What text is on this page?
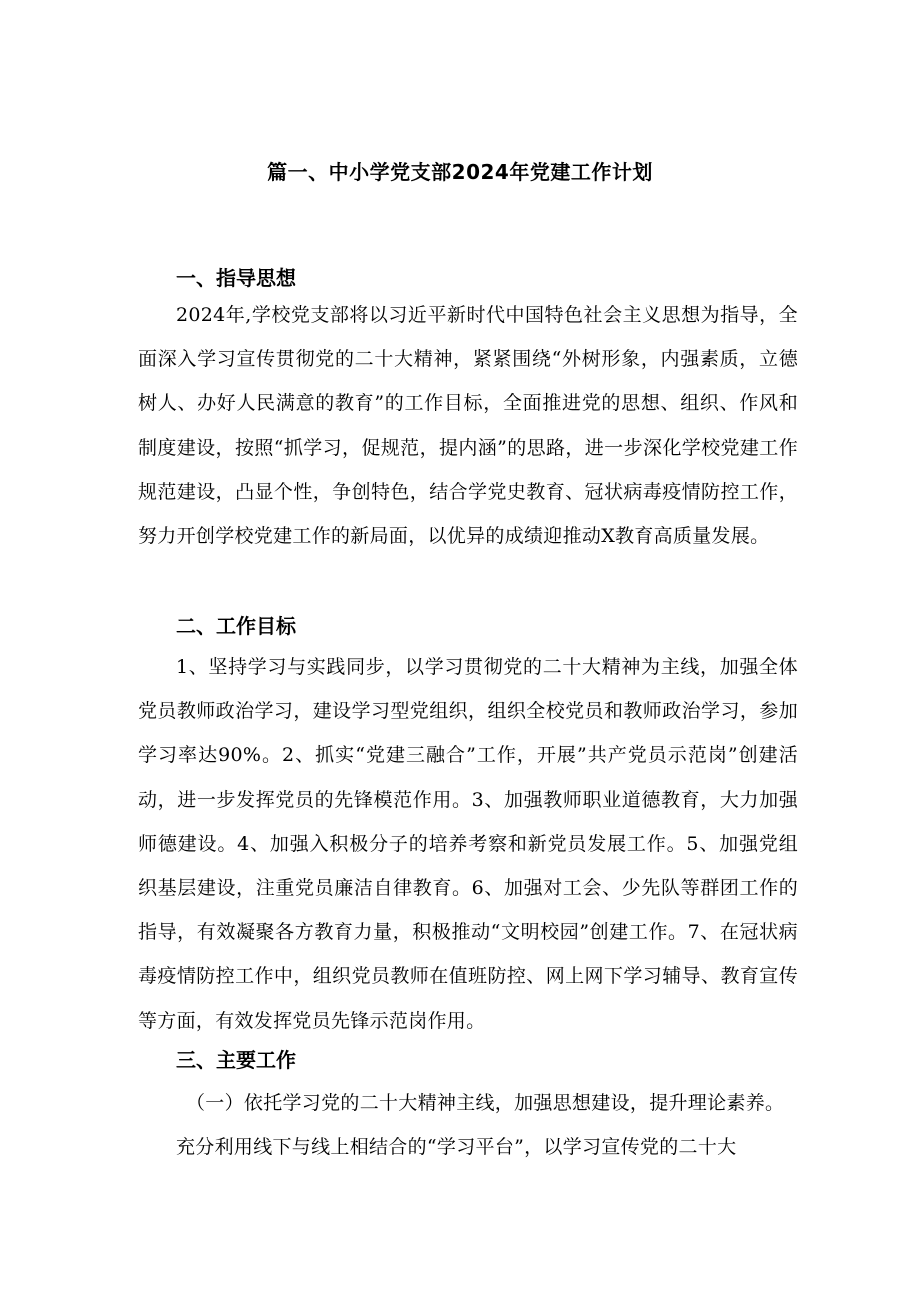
篇一、中小学党支部2024年党建工作计划
一、指导思想

2024年,学校党支部将以习近平新时代中国特色社会主义思想为指导，全面深入学习宣传贯彻党的二十大精神，紧紧围绕“外树形象，内强素质，立德树人、办好人民满意的教育”的工作目标，全面推进党的思想、组织、作风和制度建设，按照“抓学习，促规范，提内涵”的思路，进一步深化学校党建工作规范建设，凸显个性，争创特色，结合学党史教育、冠状病毒疫情防控工作，努力开创学校党建工作的新局面，以优异的成绩迎推动X教育高质量发展。

二、工作目标

1、坚持学习与实践同步，以学习贯彻党的二十大精神为主线，加强全体党员教师政治学习，建设学习型党组织，组织全校党员和教师政治学习，参加学习率达90%。2、抓实“党建三融合”工作，开展”共产党员示范岗”创建活动，进一步发挥党员的先锋模范作用。3、加强教师职业道德教育，大力加强师德建设。4、加强入积极分子的培养考察和新党员发展工作。5、加强党组织基层建设，注重党员廉洁自律教育。6、加强对工会、少先队等群团工作的指导，有效凝聚各方教育力量，积极推动“文明校园”创建工作。7、在冠状病毒疫情防控工作中，组织党员教师在值班防控、网上网下学习辅导、教育宣传等方面，有效发挥党员先锋示范岗作用。

三、主要工作

（一）依托学习党的二十大精神主线，加强思想建设，提升理论素养。

充分利用线下与线上相结合的“学习平台”，以学习宣传党的二十大
